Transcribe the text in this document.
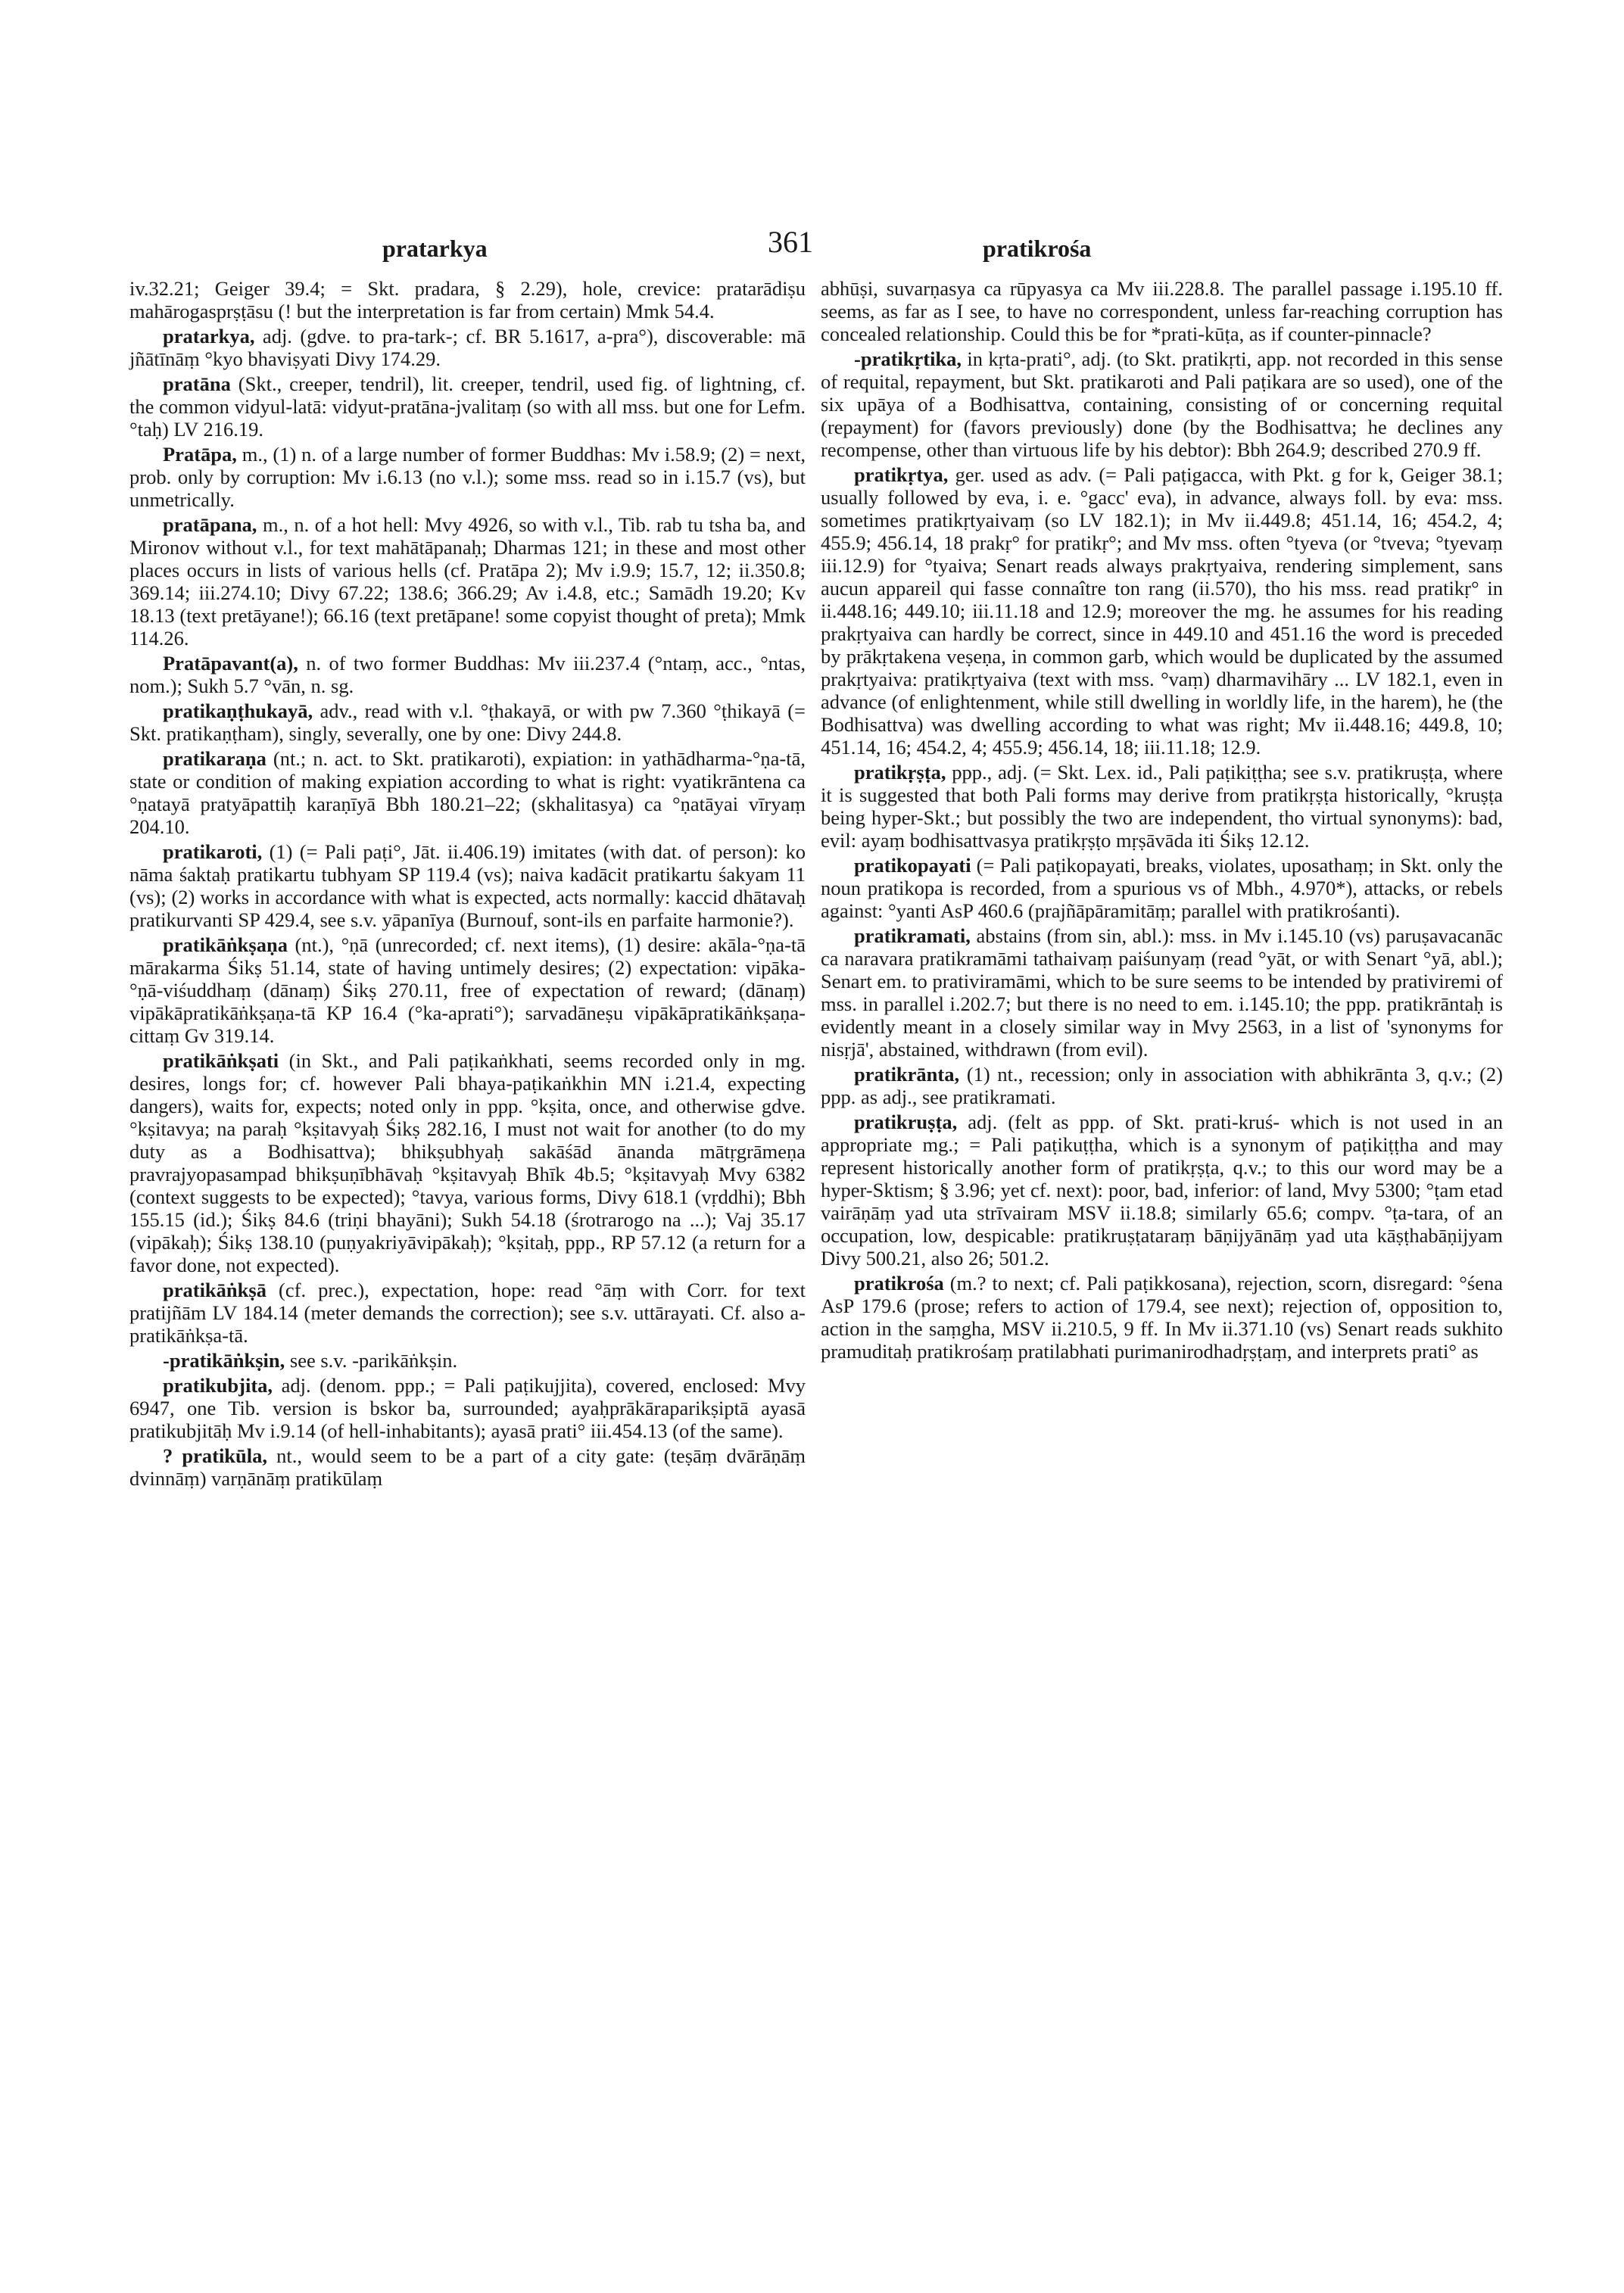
pratarkya	361	pratikrośa

iv.32.21; Geiger 39.4; = Skt. pradara, § 2.29), hole, crevice: pratarādiṣu mahārogasprṣṭāsu (! but the interpretation is far from certain) Mmk 54.4.

pratarkya, adj. (gdve. to pra-tark-; cf. BR 5.1617, a-pra°), discoverable: mā jñātīnāṃ °kyo bhaviṣyati Divy 174.29.

pratāna (Skt., creeper, tendril), lit. creeper, tendril, used fig. of lightning, cf. the common vidyul-latā: vidyut-pratāna-jvalitaṃ (so with all mss. but one for Lefm. °taḥ) LV 216.19.

Pratāpa, m., (1) n. of a large number of former Buddhas: Mv i.58.9; (2) = next, prob. only by corruption: Mv i.6.13 (no v.l.); some mss. read so in i.15.7 (vs), but unmetrically.

pratāpana, m., n. of a hot hell: Mvy 4926, so with v.l., Tib. rab tu tsha ba, and Mironov without v.l., for text mahātāpanaḥ; Dharmas 121; in these and most other places occurs in lists of various hells (cf. Pratāpa 2); Mv i.9.9; 15.7, 12; ii.350.8; 369.14; iii.274.10; Divy 67.22; 138.6; 366.29; Av i.4.8, etc.; Samādh 19.20; Kv 18.13 (text pretāyane!); 66.16 (text pretāpane! some copyist thought of preta); Mmk 114.26.

Pratāpavant(a), n. of two former Buddhas: Mv iii.237.4 (°ntaṃ, acc., °ntas, nom.); Sukh 5.7 °vān, n. sg.

pratikaṇṭhukayā, adv., read with v.l. °ṭhakayā, or with pw 7.360 °ṭhikayā (= Skt. pratikaṇṭham), singly, severally, one by one: Divy 244.8.

pratikaraṇa (nt.; n. act. to Skt. pratikaroti), expiation: in yathādharma-°ṇa-tā, state or condition of making expiation according to what is right: vyatikrāntena ca °ṇatayā pratyāpattiḥ karaṇīyā Bbh 180.21–22; (skhalitasya) ca °ṇatāyai vīryaṃ 204.10.

pratikaroti, (1) (= Pali paṭi°, Jāt. ii.406.19) imitates (with dat. of person): ko nāma śaktaḥ pratikartu tubhyam SP 119.4 (vs); naiva kadācit pratikartu śakyam 11 (vs); (2) works in accordance with what is expected, acts normally: kaccid dhātavaḥ pratikurvanti SP 429.4, see s.v. yāpanīya (Burnouf, sont-ils en parfaite harmonie?).

pratikāṅkṣaṇa (nt.), °ṇā (unrecorded; cf. next items), (1) desire: akāla-°ṇa-tā mārakarma Śikṣ 51.14, state of having untimely desires; (2) expectation: vipāka-°ṇā-viśuddhaṃ (dānaṃ) Śikṣ 270.11, free of expectation of reward; (dānaṃ) vipākāpratikāṅkṣaṇa-tā KP 16.4 (°ka-aprati°); sarvadāneṣu vipākāpratikāṅkṣaṇa-cittaṃ Gv 319.14.

pratikāṅkṣati (in Skt., and Pali paṭikaṅkhati, seems recorded only in mg. desires, longs for; cf. however Pali bhaya-paṭikaṅkhin MN i.21.4, expecting dangers), waits for, expects; noted only in ppp. °kṣita, once, and otherwise gdve. °kṣitavya; na paraḥ °kṣitavyaḥ Śikṣ 282.16, I must not wait for another (to do my duty as a Bodhisattva); bhikṣubhyaḥ sakāśād ānanda mātṛgrāmeṇa pravrajyopasampad bhikṣuṇībhāvaḥ °kṣitavyaḥ Bhīk 4b.5; °kṣitavyaḥ Mvy 6382 (context suggests to be expected); °tavya, various forms, Divy 618.1 (vṛddhi); Bbh 155.15 (id.); Śikṣ 84.6 (triṇi bhayāni); Sukh 54.18 (śrotrarogo na ...); Vaj 35.17 (vipākaḥ); Śikṣ 138.10 (puṇyakriyāvipākaḥ); °kṣitaḥ, ppp., RP 57.12 (a return for a favor done, not expected).

pratikāṅkṣā (cf. prec.), expectation, hope: read °āṃ with Corr. for text pratijñām LV 184.14 (meter demands the correction); see s.v. uttārayati. Cf. also a-pratikāṅkṣa-tā.

-pratikāṅkṣin, see s.v. -parikāṅkṣin.

pratikubjita, adj. (denom. ppp.; = Pali paṭikujjita), covered, enclosed: Mvy 6947, one Tib. version is bskor ba, surrounded; ayaḥprākāraparikṣiptā ayasā pratikubjitāḥ Mv i.9.14 (of hell-inhabitants); ayasā prati° iii.454.13 (of the same).

? pratikūla, nt., would seem to be a part of a city gate: (teṣāṃ dvārāṇāṃ dvinnāṃ) varṇānāṃ pratikūlaṃ

abhūṣi, suvarṇasya ca rūpyasya ca Mv iii.228.8. The parallel passage i.195.10 ff. seems, as far as I see, to have no correspondent, unless far-reaching corruption has concealed relationship. Could this be for *prati-kūṭa, as if counter-pinnacle?

-pratikṛtika, in kṛta-prati°, adj. (to Skt. pratikṛti, app. not recorded in this sense of requital, repayment, but Skt. pratikaroti and Pali paṭikara are so used), one of the six upāya of a Bodhisattva, containing, consisting of or concerning requital (repayment) for (favors previously) done (by the Bodhisattva; he declines any recompense, other than virtuous life by his debtor): Bbh 264.9; described 270.9 ff.

pratikṛtya, ger. used as adv. (= Pali paṭigacca, with Pkt. g for k, Geiger 38.1; usually followed by eva, i. e. °gacc' eva), in advance, always foll. by eva: mss. sometimes pratikṛtyaivaṃ (so LV 182.1); in Mv ii.449.8; 451.14, 16; 454.2, 4; 455.9; 456.14, 18 prakṛ° for pratikṛ°; and Mv mss. often °tyeva (or °tveva; °tyevaṃ iii.12.9) for °tyaiva; Senart reads always prakṛtyaiva, rendering simplement, sans aucun appareil qui fasse connaître ton rang (ii.570), tho his mss. read pratikṛ° in ii.448.16; 449.10; iii.11.18 and 12.9; moreover the mg. he assumes for his reading prakṛtyaiva can hardly be correct, since in 449.10 and 451.16 the word is preceded by prākṛtakena veṣeṇa, in common garb, which would be duplicated by the assumed prakṛtyaiva: pratikṛtyaiva (text with mss. °vaṃ) dharmavihāry ... LV 182.1, even in advance (of enlightenment, while still dwelling in worldly life, in the harem), he (the Bodhisattva) was dwelling according to what was right; Mv ii.448.16; 449.8, 10; 451.14, 16; 454.2, 4; 455.9; 456.14, 18; iii.11.18; 12.9.

pratikṛṣṭa, ppp., adj. (= Skt. Lex. id., Pali paṭikiṭṭha; see s.v. pratikruṣṭa, where it is suggested that both Pali forms may derive from pratikṛṣṭa historically, °kruṣṭa being hyper-Skt.; but possibly the two are independent, tho virtual synonyms): bad, evil: ayaṃ bodhisattvasya pratikṛṣṭo mṛṣāvāda iti Śikṣ 12.12.

pratikopayati (= Pali paṭikopayati, breaks, violates, uposathaṃ; in Skt. only the noun pratikopa is recorded, from a spurious vs of Mbh., 4.970*), attacks, or rebels against: °yanti AsP 460.6 (prajñāpāramitāṃ; parallel with pratikrośanti).

pratikramati, abstains (from sin, abl.): mss. in Mv i.145.10 (vs) paruṣavacanāc ca naravara pratikramāmi tathaivaṃ paiśunyaṃ (read °yāt, or with Senart °yā, abl.); Senart em. to prativiramāmi, which to be sure seems to be intended by prativiremi of mss. in parallel i.202.7; but there is no need to em. i.145.10; the ppp. pratikrāntaḥ is evidently meant in a closely similar way in Mvy 2563, in a list of 'synonyms for nisṛjā', abstained, withdrawn (from evil).

pratikrānta, (1) nt., recession; only in association with abhikrānta 3, q.v.; (2) ppp. as adj., see pratikramati.

pratikruṣṭa, adj. (felt as ppp. of Skt. prati-kruś- which is not used in an appropriate mg.; = Pali paṭikuṭṭha, which is a synonym of paṭikiṭṭha and may represent historically another form of pratikṛṣṭa, q.v.; to this our word may be a hyper-Sktism; § 3.96; yet cf. next): poor, bad, inferior: of land, Mvy 5300; °ṭam etad vairāṇāṃ yad uta strīvairam MSV ii.18.8; similarly 65.6; compv. °ṭa-tara, of an occupation, low, despicable: pratikruṣṭataraṃ bāṇijyānāṃ yad uta kāṣṭhabāṇijyam Divy 500.21, also 26; 501.2.

pratikrośa (m.? to next; cf. Pali paṭikkosana), rejection, scorn, disregard: °śena AsP 179.6 (prose; refers to action of 179.4, see next); rejection of, opposition to, action in the saṃgha, MSV ii.210.5, 9 ff. In Mv ii.371.10 (vs) Senart reads sukhito pramuditaḥ pratikrośaṃ pratilabhati purimanirodhadṛṣṭaṃ, and interprets prati° as
